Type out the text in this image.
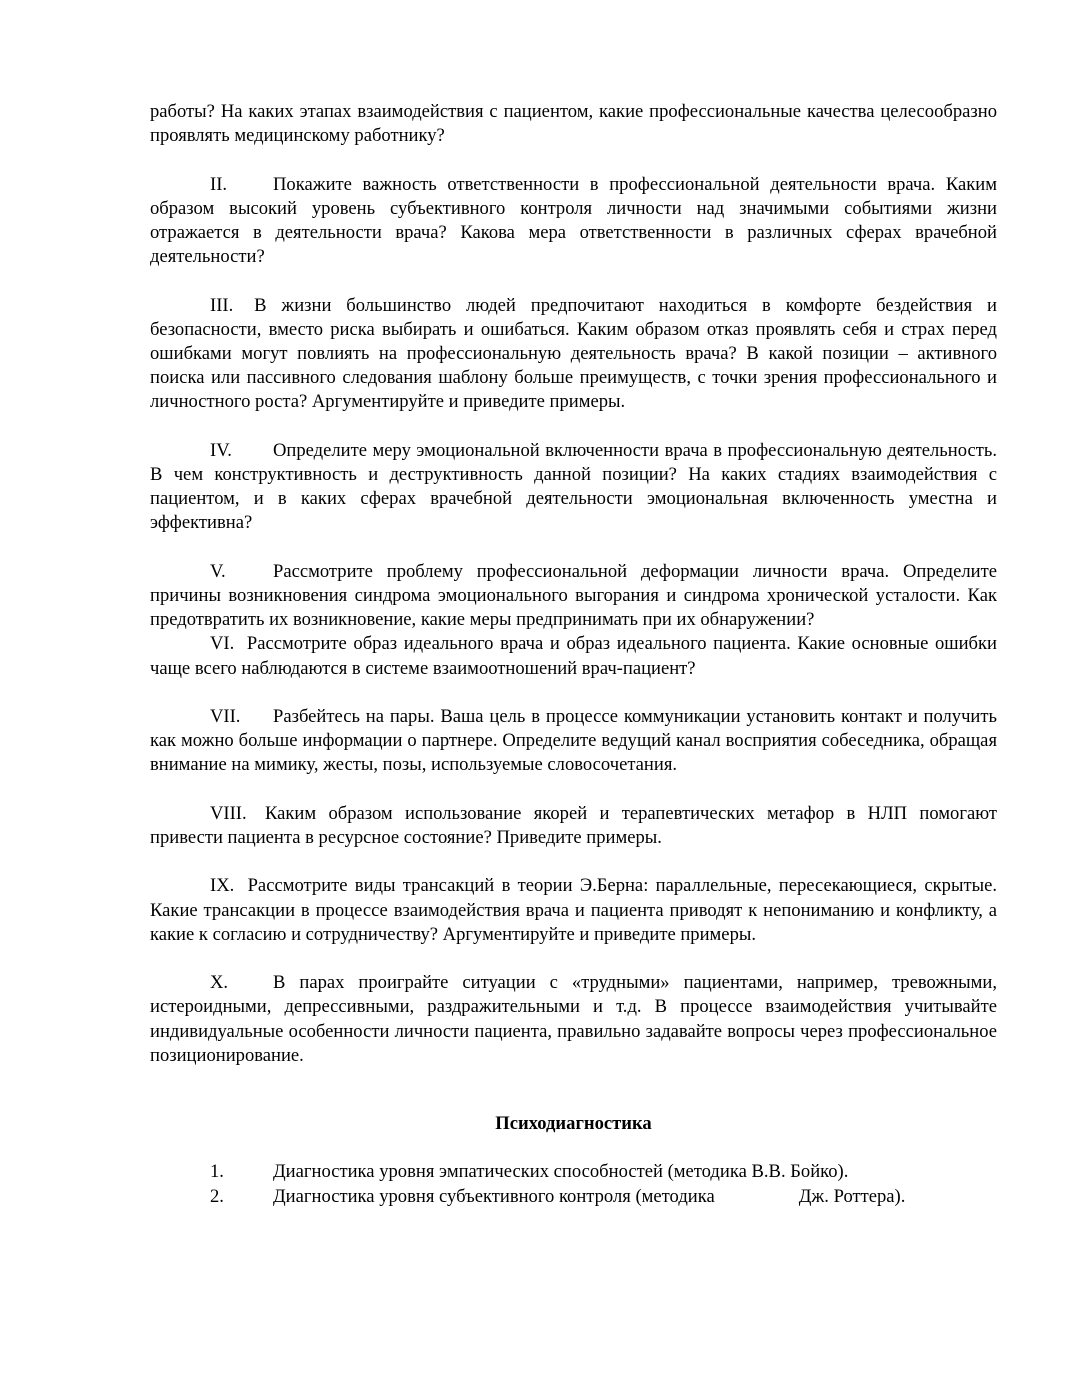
работы? На каких этапах взаимодействия с пациентом, какие профессиональные качества целесообразно проявлять медицинскому работнику?

II. Покажите важность ответственности в профессиональной деятельности врача. Каким образом высокий уровень субъективного контроля личности над значимыми событиями жизни отражается в деятельности врача? Какова мера ответственности в различных сферах врачебной деятельности?

III. В жизни большинство людей предпочитают находиться в комфорте бездействия и безопасности, вместо риска выбирать и ошибаться. Каким образом отказ проявлять себя и страх перед ошибками могут повлиять на профессиональную деятельность врача? В какой позиции – активного поиска или пассивного следования шаблону больше преимуществ, с точки зрения профессионального и личностного роста? Аргументируйте и приведите примеры.

IV. Определите меру эмоциональной включенности врача в профессиональную деятельность. В чем конструктивность и деструктивность данной позиции? На каких стадиях взаимодействия с пациентом, и в каких сферах врачебной деятельности эмоциональная включенность уместна и эффективна?

V.	Рассмотрите проблему профессиональной деформации личности врача. Определите причины возникновения синдрома эмоционального выгорания и синдрома хронической усталости. Как предотвратить их возникновение, какие меры предпринимать при их обнаружении?

VI. Рассмотрите образ идеального врача и образ идеального пациента. Какие основные ошибки чаще всего наблюдаются в системе взаимоотношений врач-пациент?

VII. Разбейтесь на пары. Ваша цель в процессе коммуникации установить контакт и получить как можно больше информации о партнере. Определите ведущий канал восприятия собеседника, обращая внимание на мимику, жесты, позы, используемые словосочетания.

VIII. Каким образом использование якорей и терапевтических метафор в НЛП помогают привести пациента в ресурсное состояние? Приведите примеры.

IX. Рассмотрите виды трансакций в теории Э.Берна: параллельные, пересекающиеся, скрытые. Какие трансакции в процессе взаимодействия врача и пациента приводят к непониманию и конфликту, а какие к согласию и сотрудничеству? Аргументируйте и приведите примеры.

X. В парах проиграйте ситуации с «трудными» пациентами, например, тревожными, истероидными, депрессивными, раздражительными и т.д. В процессе взаимодействия учитывайте индивидуальные особенности личности пациента, правильно задавайте вопросы через профессиональное позиционирование.

Психодиагностика

1.	Диагностика уровня эмпатических способностей (методика В.В. Бойко).

2.	Диагностика уровня субъективного контроля (методика	Дж. Роттера).
